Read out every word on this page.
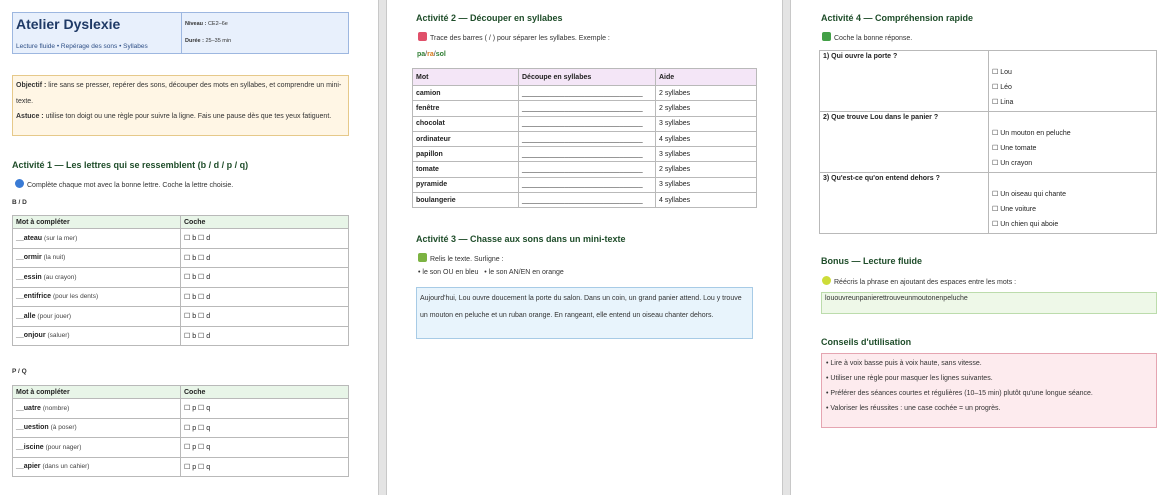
Atelier Dyslexie
Lecture fluide • Repérage des sons • Syllabes
Niveau : CE2–6e
Durée : 25–35 min
Objectif : lire sans se presser, repérer des sons, découper des mots en syllabes, et comprendre un mini-texte.
Astuce : utilise ton doigt ou une règle pour suivre la ligne. Fais une pause dès que tes yeux fatiguent.
Activité 1 — Les lettres qui se ressemblent (b / d / p / q)
Complète chaque mot avec la bonne lettre. Coche la lettre choisie.
B / D
Mot à compléter	Coche
__ateau (sur la mer)	☐ b ☐ d
__ormir (la nuit)	☐ b ☐ d
__essin (au crayon)	☐ b ☐ d
__entifrice (pour les dents)	☐ b ☐ d
__alle (pour jouer)	☐ b ☐ d
__onjour (saluer)	☐ b ☐ d
P / Q
Mot à compléter	Coche
__uatre (nombre)	☐ p ☐ q
__uestion (à poser)	☐ p ☐ q
__iscine (pour nager)	☐ p ☐ q
__apier (dans un cahier)	☐ p ☐ q
Activité 2 — Découper en syllabes
Trace des barres ( / ) pour séparer les syllabes. Exemple :
pa/ra/sol
Mot	Découpe en syllabes	Aide
camion	_______________________________	2 syllabes
fenêtre	_______________________________	2 syllabes
chocolat	_______________________________	3 syllabes
ordinateur	_______________________________	4 syllabes
papillon	_______________________________	3 syllabes
tomate	_______________________________	2 syllabes
pyramide	_______________________________	3 syllabes
boulangerie	_______________________________	4 syllabes
Activité 3 — Chasse aux sons dans un mini-texte
Relis le texte. Surligne :
• le son OU en bleu • le son AN/EN en orange
Aujourd'hui, Lou ouvre doucement la porte du salon. Dans un coin, un grand panier attend. Lou y trouve un mouton en peluche et un ruban orange. En rangeant, elle entend un oiseau chanter dehors.
Activité 4 — Compréhension rapide
Coche la bonne réponse.
1) Qui ouvre la porte ?	☐ Lou
☐ Léo
☐ Lina

2) Que trouve Lou dans le panier ?	☐ Un mouton en peluche
☐ Une tomate
☐ Un crayon

3) Qu'est-ce qu'on entend dehors ?	☐ Un oiseau qui chante
☐ Une voiture
☐ Un chien qui aboie
Bonus — Lecture fluide
Réécris la phrase en ajoutant des espaces entre les mots :
lououvreunpanierettrouveunmoutonenpeluche
Conseils d'utilisation
• Lire à voix basse puis à voix haute, sans vitesse.
• Utiliser une règle pour masquer les lignes suivantes.
• Préférer des séances courtes et régulières (10–15 min) plutôt qu'une longue séance.
• Valoriser les réussites : une case cochée = un progrès.
